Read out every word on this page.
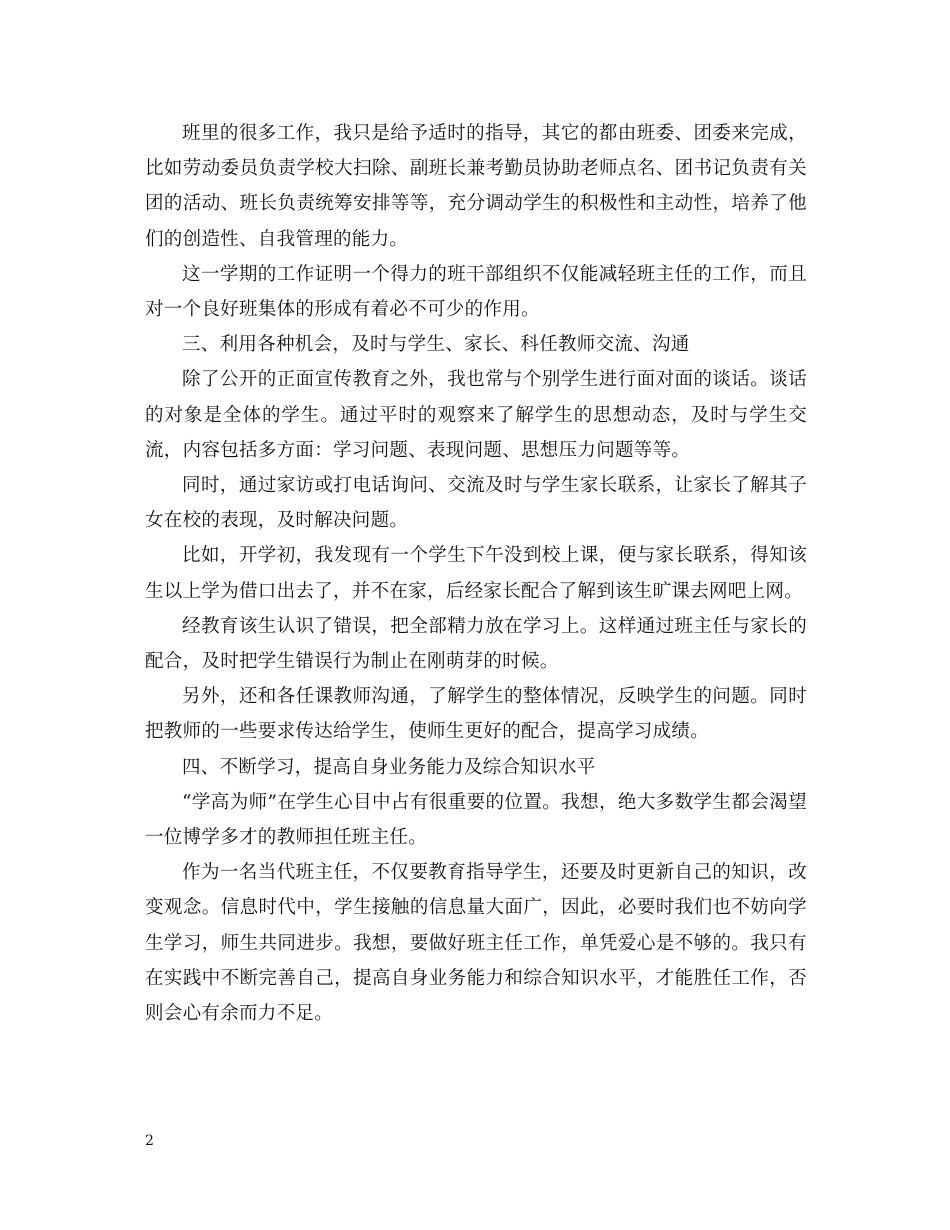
班里的很多工作，我只是给予适时的指导，其它的都由班委、团委来完成，比如劳动委员负责学校大扫除、副班长兼考勤员协助老师点名、团书记负责有关团的活动、班长负责统筹安排等等，充分调动学生的积极性和主动性，培养了他们的创造性、自我管理的能力。

这一学期的工作证明一个得力的班干部组织不仅能减轻班主任的工作，而且对一个良好班集体的形成有着必不可少的作用。

三、利用各种机会，及时与学生、家长、科任教师交流、沟通

除了公开的正面宣传教育之外，我也常与个别学生进行面对面的谈话。谈话的对象是全体的学生。通过平时的观察来了解学生的思想动态，及时与学生交流，内容包括多方面：学习问题、表现问题、思想压力问题等等。

同时，通过家访或打电话询问、交流及时与学生家长联系，让家长了解其子女在校的表现，及时解决问题。

比如，开学初，我发现有一个学生下午没到校上课，便与家长联系，得知该生以上学为借口出去了，并不在家，后经家长配合了解到该生旷课去网吧上网。

经教育该生认识了错误，把全部精力放在学习上。这样通过班主任与家长的配合，及时把学生错误行为制止在刚萌芽的时候。

另外，还和各任课教师沟通，了解学生的整体情况，反映学生的问题。同时把教师的一些要求传达给学生，使师生更好的配合，提高学习成绩。

四、不断学习，提高自身业务能力及综合知识水平

“学高为师”在学生心目中占有很重要的位置。我想，绝大多数学生都会渴望一位博学多才的教师担任班主任。

作为一名当代班主任，不仅要教育指导学生，还要及时更新自己的知识，改变观念。信息时代中，学生接触的信息量大面广，因此，必要时我们也不妨向学生学习，师生共同进步。我想，要做好班主任工作，单凭爱心是不够的。我只有在实践中不断完善自己，提高自身业务能力和综合知识水平，才能胜任工作，否则会心有余而力不足。

2
